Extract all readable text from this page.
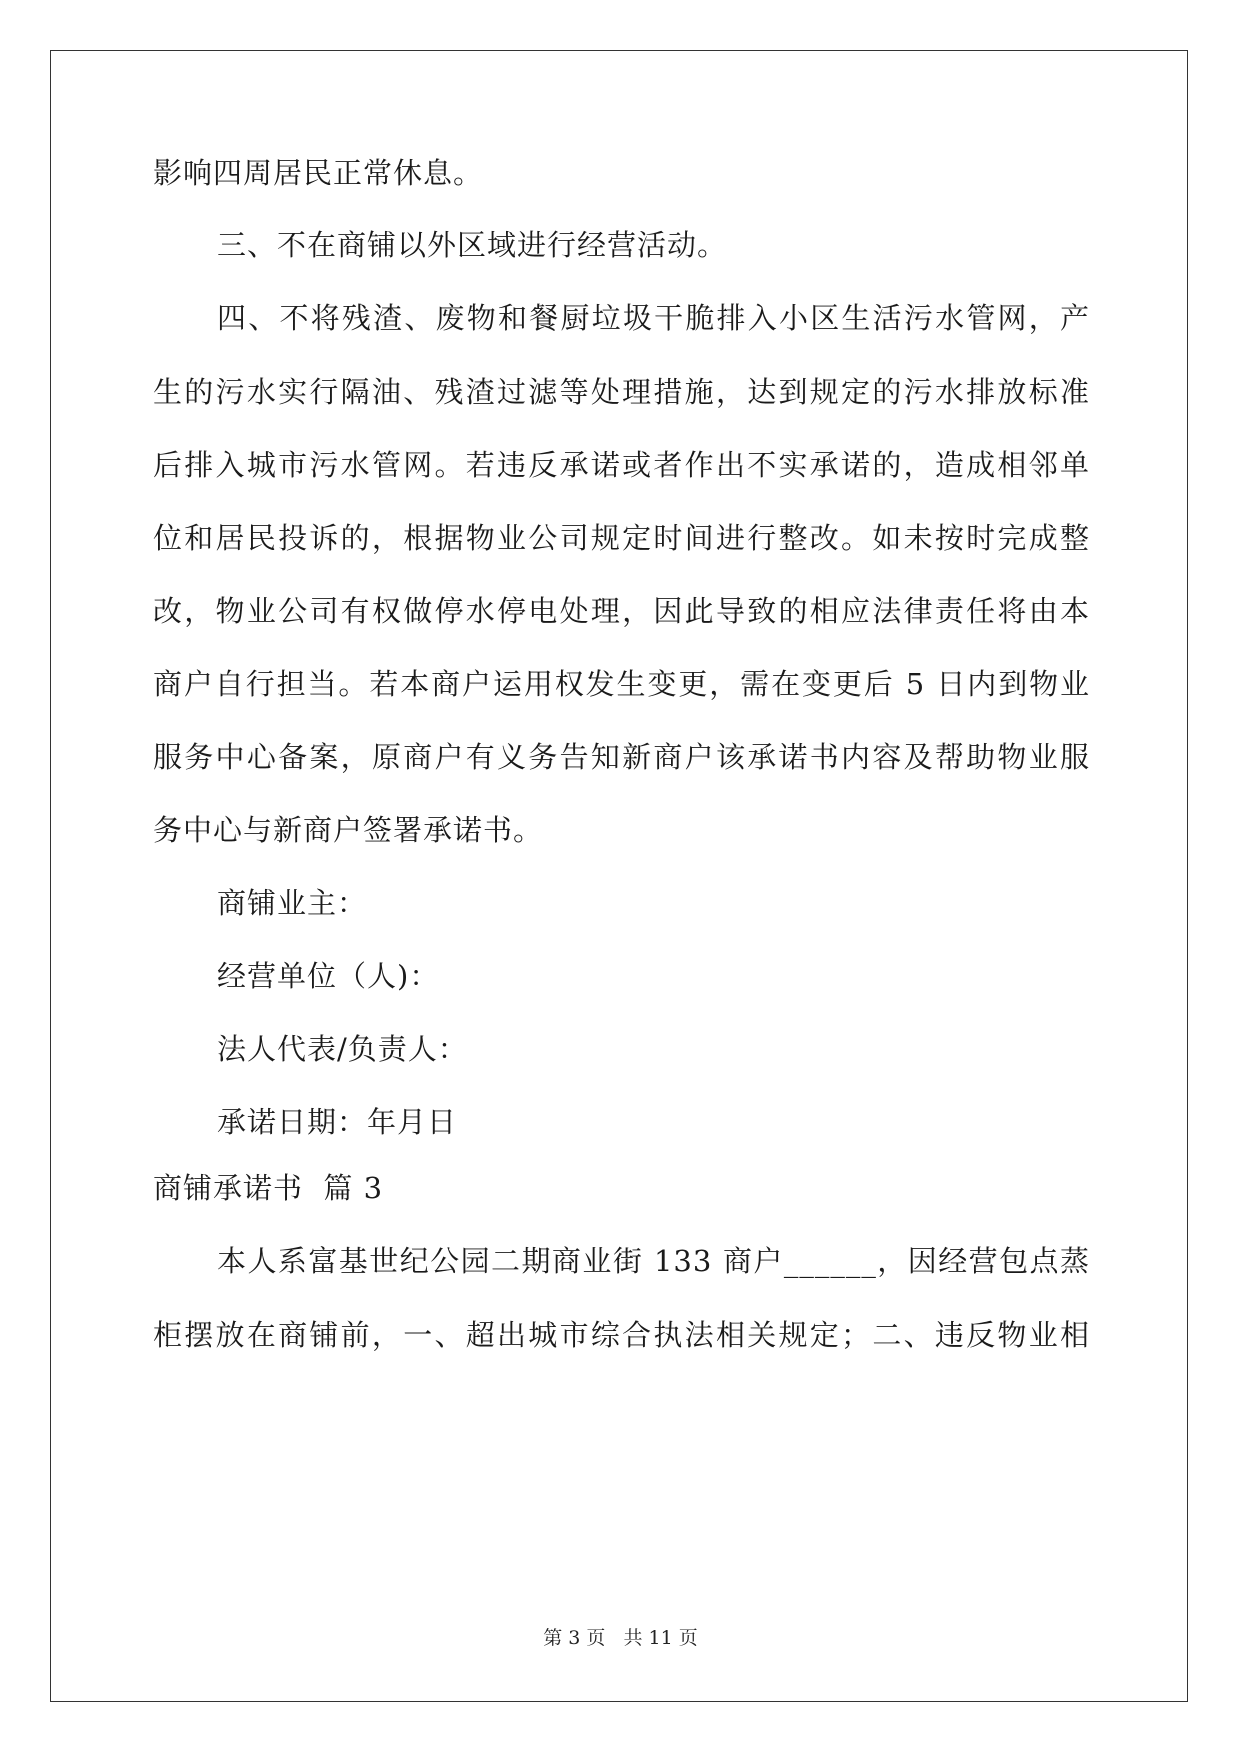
影响四周居民正常休息。
三、不在商铺以外区域进行经营活动。
四、不将残渣、废物和餐厨垃圾干脆排入小区生活污水管网，产
生的污水实行隔油、残渣过滤等处理措施，达到规定的污水排放标准
后排入城市污水管网。若违反承诺或者作出不实承诺的，造成相邻单
位和居民投诉的，根据物业公司规定时间进行整改。如未按时完成整
改，物业公司有权做停水停电处理，因此导致的相应法律责任将由本
商户自行担当。若本商户运用权发生变更，需在变更后 5 日内到物业
服务中心备案，原商户有义务告知新商户该承诺书内容及帮助物业服
务中心与新商户签署承诺书。
商铺业主：
经营单位（人)：
法人代表/负责人：
承诺日期：年月日
商铺承诺书  篇 3
本人系富基世纪公园二期商业街 133 商户______，因经营包点蒸
柜摆放在商铺前，一、超出城市综合执法相关规定；二、违反物业相
第 3 页   共 11 页
